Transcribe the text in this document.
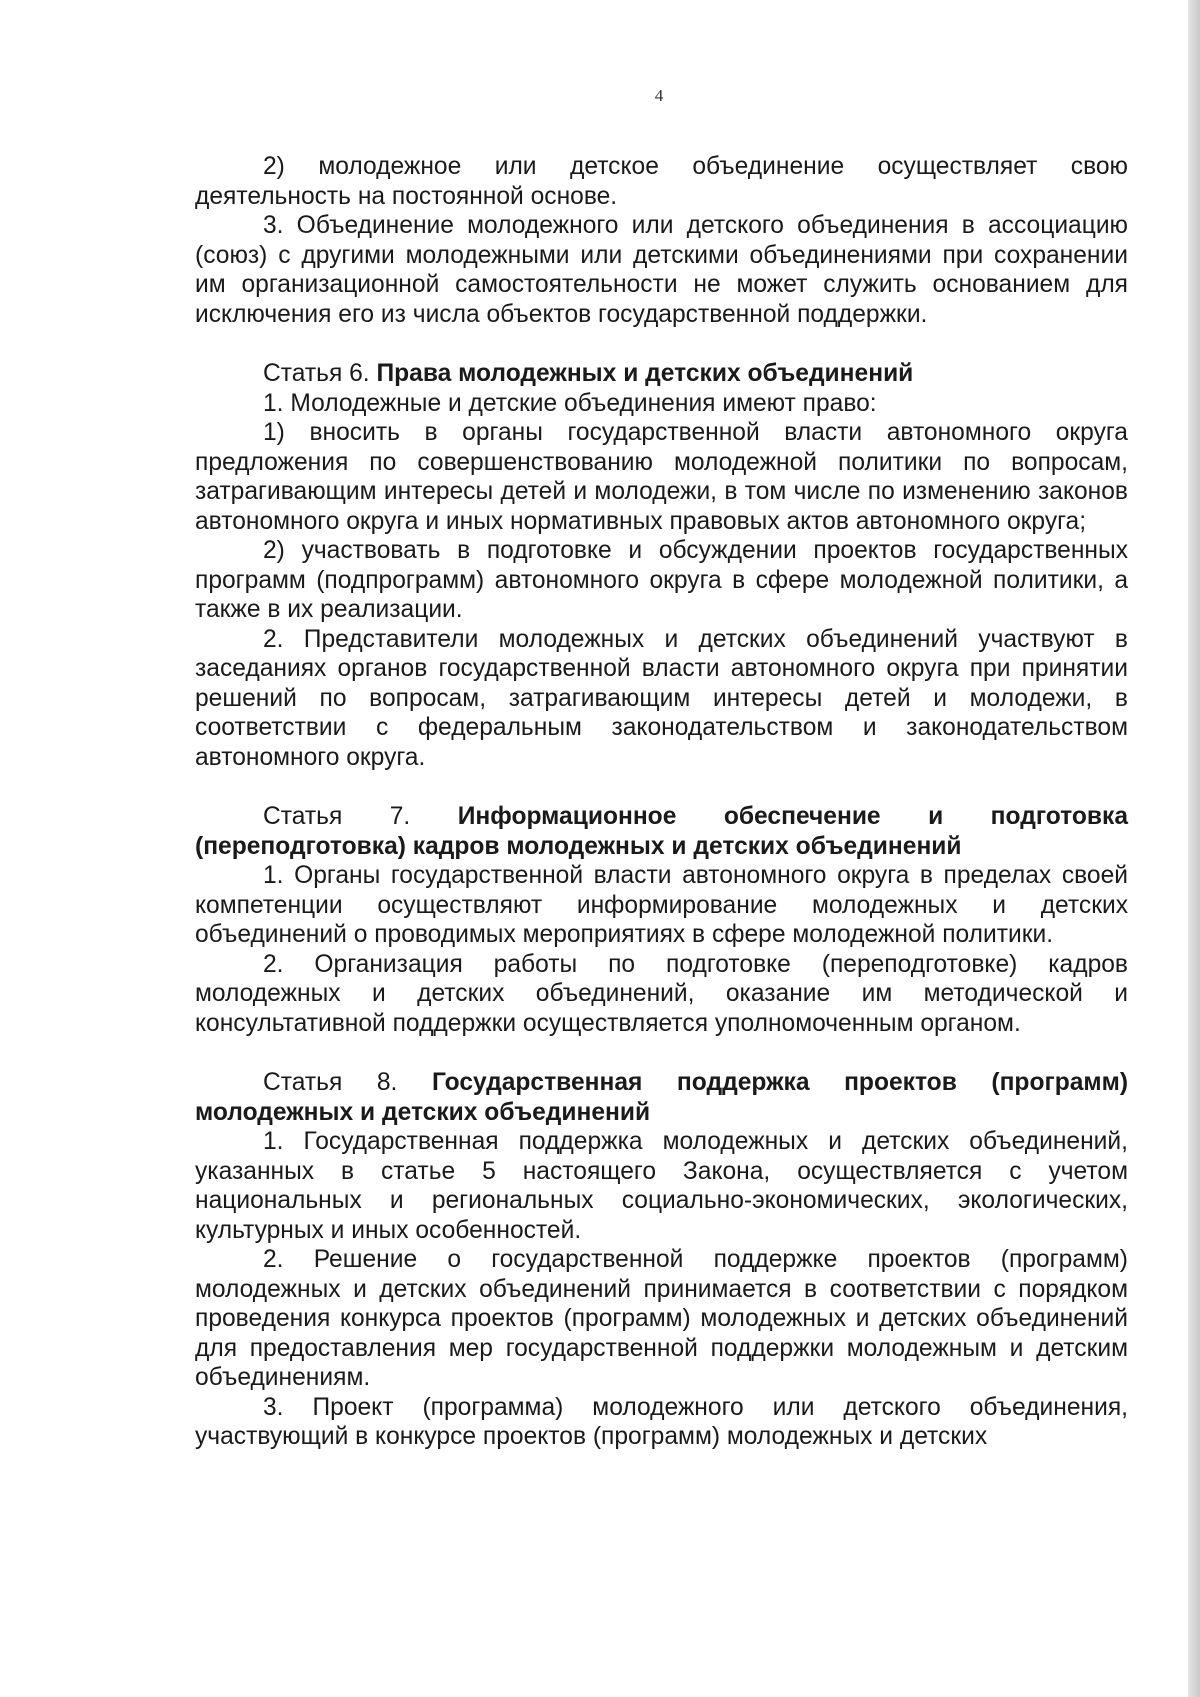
4

2) молодежное или детское объединение осуществляет свою деятельность на постоянной основе.

3. Объединение молодежного или детского объединения в ассоциацию (союз) с другими молодежными или детскими объединениями при сохранении им организационной самостоятельности не может служить основанием для исключения его из числа объектов государственной поддержки.

Статья 6. Права молодежных и детских объединений

1. Молодежные и детские объединения имеют право:

1) вносить в органы государственной власти автономного округа предложения по совершенствованию молодежной политики по вопросам, затрагивающим интересы детей и молодежи, в том числе по изменению законов автономного округа и иных нормативных правовых актов автономного округа;

2) участвовать в подготовке и обсуждении проектов государственных программ (подпрограмм) автономного округа в сфере молодежной политики, а также в их реализации.

2. Представители молодежных и детских объединений участвуют в заседаниях органов государственной власти автономного округа при принятии решений по вопросам, затрагивающим интересы детей и молодежи, в соответствии с федеральным законодательством и законодательством автономного округа.

Статья 7. Информационное обеспечение и подготовка (переподготовка) кадров молодежных и детских объединений

1. Органы государственной власти автономного округа в пределах своей компетенции осуществляют информирование молодежных и детских объединений о проводимых мероприятиях в сфере молодежной политики.

2. Организация работы по подготовке (переподготовке) кадров молодежных и детских объединений, оказание им методической и консультативной поддержки осуществляется уполномоченным органом.

Статья 8. Государственная поддержка проектов (программ) молодежных и детских объединений

1. Государственная поддержка молодежных и детских объединений, указанных в статье 5 настоящего Закона, осуществляется с учетом национальных и региональных социально-экономических, экологических, культурных и иных особенностей.

2. Решение о государственной поддержке проектов (программ) молодежных и детских объединений принимается в соответствии с порядком проведения конкурса проектов (программ) молодежных и детских объединений для предоставления мер государственной поддержки молодежным и детским объединениям.

3. Проект (программа) молодежного или детского объединения, участвующий в конкурсе проектов (программ) молодежных и детских
